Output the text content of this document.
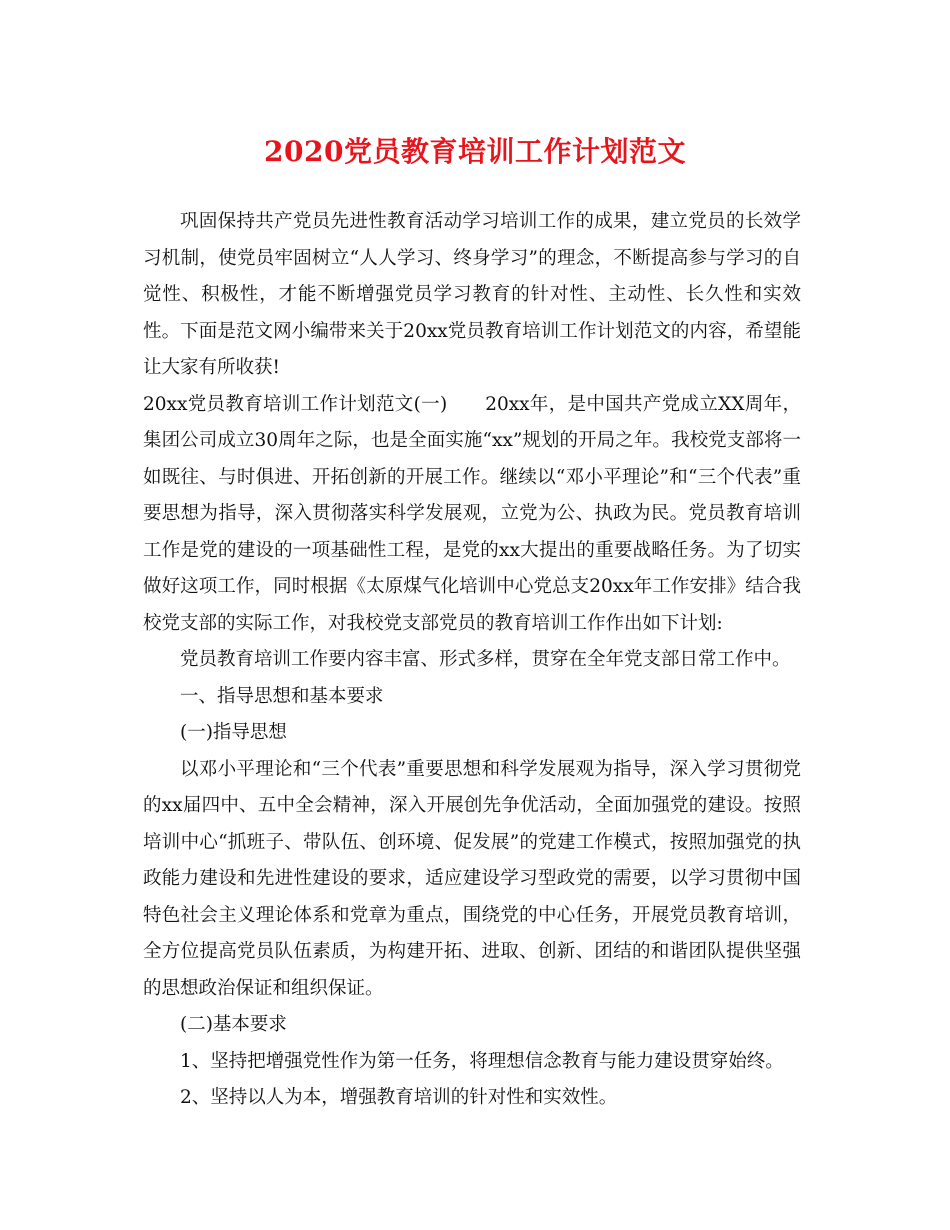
2020党员教育培训工作计划范文

巩固保持共产党员先进性教育活动学习培训工作的成果，建立党员的长效学习机制，使党员牢固树立“人人学习、终身学习”的理念，不断提高参与学习的自觉性、积极性，才能不断增强党员学习教育的针对性、主动性、长久性和实效性。下面是范文网小编带来关于20xx党员教育培训工作计划范文的内容，希望能让大家有所收获!

20xx党员教育培训工作计划范文(一)　　20xx年，是中国共产党成立XX周年，集团公司成立30周年之际，也是全面实施“xx”规划的开局之年。我校党支部将一如既往、与时俱进、开拓创新的开展工作。继续以“邓小平理论”和“三个代表”重要思想为指导，深入贯彻落实科学发展观，立党为公、执政为民。党员教育培训工作是党的建设的一项基础性工程，是党的xx大提出的重要战略任务。为了切实做好这项工作，同时根据《太原煤气化培训中心党总支20xx年工作安排》结合我校党支部的实际工作，对我校党支部党员的教育培训工作作出如下计划:

党员教育培训工作要内容丰富、形式多样，贯穿在全年党支部日常工作中。

一、指导思想和基本要求

(一)指导思想

以邓小平理论和“三个代表”重要思想和科学发展观为指导，深入学习贯彻党的xx届四中、五中全会精神，深入开展创先争优活动，全面加强党的建设。按照培训中心“抓班子、带队伍、创环境、促发展”的党建工作模式，按照加强党的执政能力建设和先进性建设的要求，适应建设学习型政党的需要，以学习贯彻中国特色社会主义理论体系和党章为重点，围绕党的中心任务，开展党员教育培训，全方位提高党员队伍素质，为构建开拓、进取、创新、团结的和谐团队提供坚强的思想政治保证和组织保证。

(二)基本要求

1、坚持把增强党性作为第一任务，将理想信念教育与能力建设贯穿始终。

2、坚持以人为本，增强教育培训的针对性和实效性。
